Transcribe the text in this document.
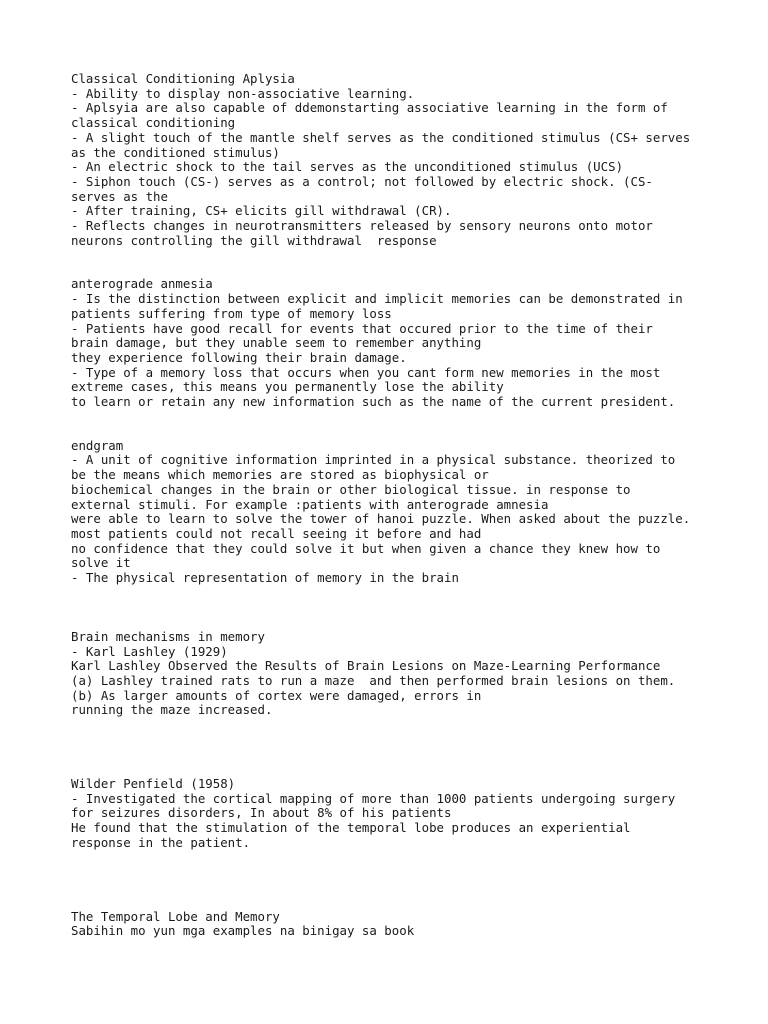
Classical Conditioning Aplysia
- Ability to display non-associative learning.
- Aplsyia are also capable of ddemonstarting associative learning in the form of
classical conditioning
- A slight touch of the mantle shelf serves as the conditioned stimulus (CS+ serves
as the conditioned stimulus)
- An electric shock to the tail serves as the unconditioned stimulus (UCS)
- Siphon touch (CS-) serves as a control; not followed by electric shock. (CS-
serves as the
- After training, CS+ elicits gill withdrawal (CR).
- Reflects changes in neurotransmitters released by sensory neurons onto motor
neurons controlling the gill withdrawal  response
anterograde anmesia
- Is the distinction between explicit and implicit memories can be demonstrated in
patients suffering from type of memory loss
- Patients have good recall for events that occured prior to the time of their
brain damage, but they unable seem to remember anything
they experience following their brain damage.
- Type of a memory loss that occurs when you cant form new memories in the most
extreme cases, this means you permanently lose the ability
to learn or retain any new information such as the name of the current president.
endgram
- A unit of cognitive information imprinted in a physical substance. theorized to
be the means which memories are stored as biophysical or
biochemical changes in the brain or other biological tissue. in response to
external stimuli. For example :patients with anterograde amnesia
were able to learn to solve the tower of hanoi puzzle. When asked about the puzzle.
most patients could not recall seeing it before and had
no confidence that they could solve it but when given a chance they knew how to
solve it
- The physical representation of memory in the brain
Brain mechanisms in memory
- Karl Lashley (1929)
Karl Lashley Observed the Results of Brain Lesions on Maze-Learning Performance
(a) Lashley trained rats to run a maze  and then performed brain lesions on them.
(b) As larger amounts of cortex were damaged, errors in
running the maze increased.
Wilder Penfield (1958)
- Investigated the cortical mapping of more than 1000 patients undergoing surgery
for seizures disorders, In about 8% of his patients
He found that the stimulation of the temporal lobe produces an experiential
response in the patient.
The Temporal Lobe and Memory
Sabihin mo yun mga examples na binigay sa book
